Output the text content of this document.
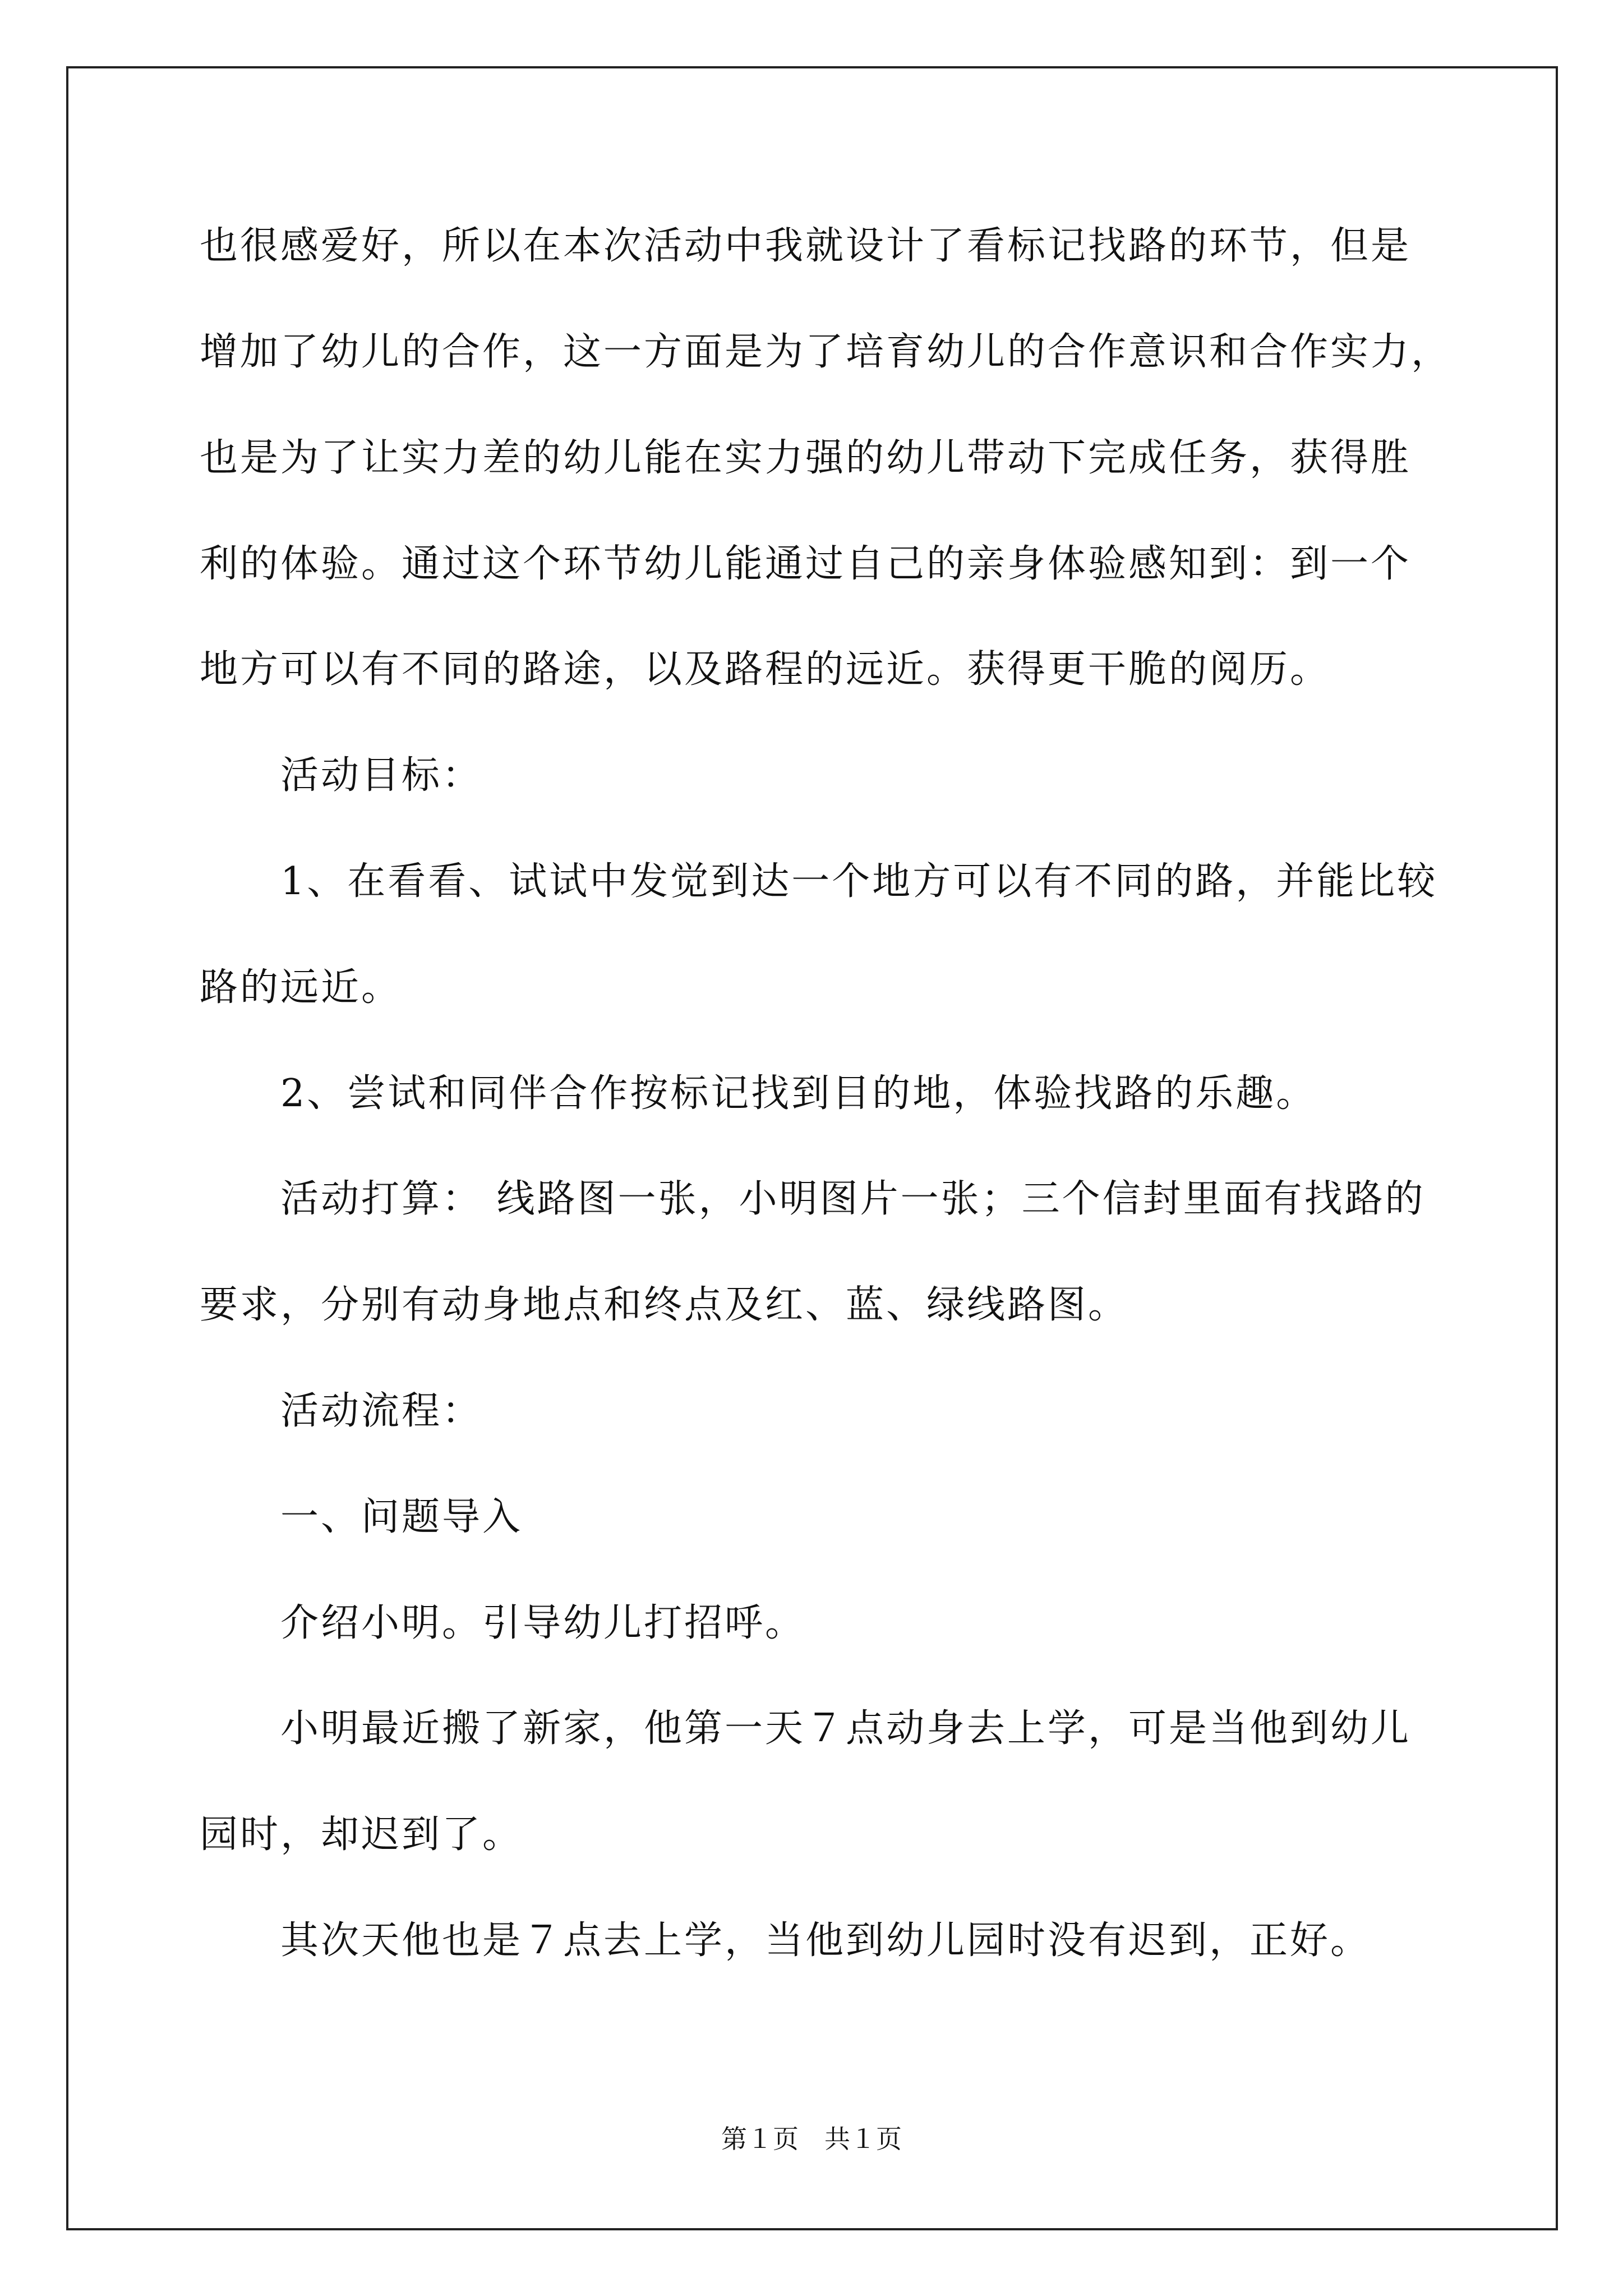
也很感爱好，所以在本次活动中我就设计了看标记找路的环节，但是
增加了幼儿的合作，这一方面是为了培育幼儿的合作意识和合作实力，
也是为了让实力差的幼儿能在实力强的幼儿带动下完成任务，获得胜
利的体验。通过这个环节幼儿能通过自己的亲身体验感知到：到一个
地方可以有不同的路途，以及路程的远近。获得更干脆的阅历。
活动目标：
1、在看看、试试中发觉到达一个地方可以有不同的路，并能比较
路的远近。
2、尝试和同伴合作按标记找到目的地，体验找路的乐趣。
活动打算： 线路图一张，小明图片一张；三个信封里面有找路的
要求，分别有动身地点和终点及红、蓝、绿线路图。
活动流程：
一、问题导入
介绍小明。引导幼儿打招呼。
小明最近搬了新家，他第一天７点动身去上学，可是当他到幼儿
园时，却迟到了。
其次天他也是７点去上学，当他到幼儿园时没有迟到，正好。
第１页　共１页
